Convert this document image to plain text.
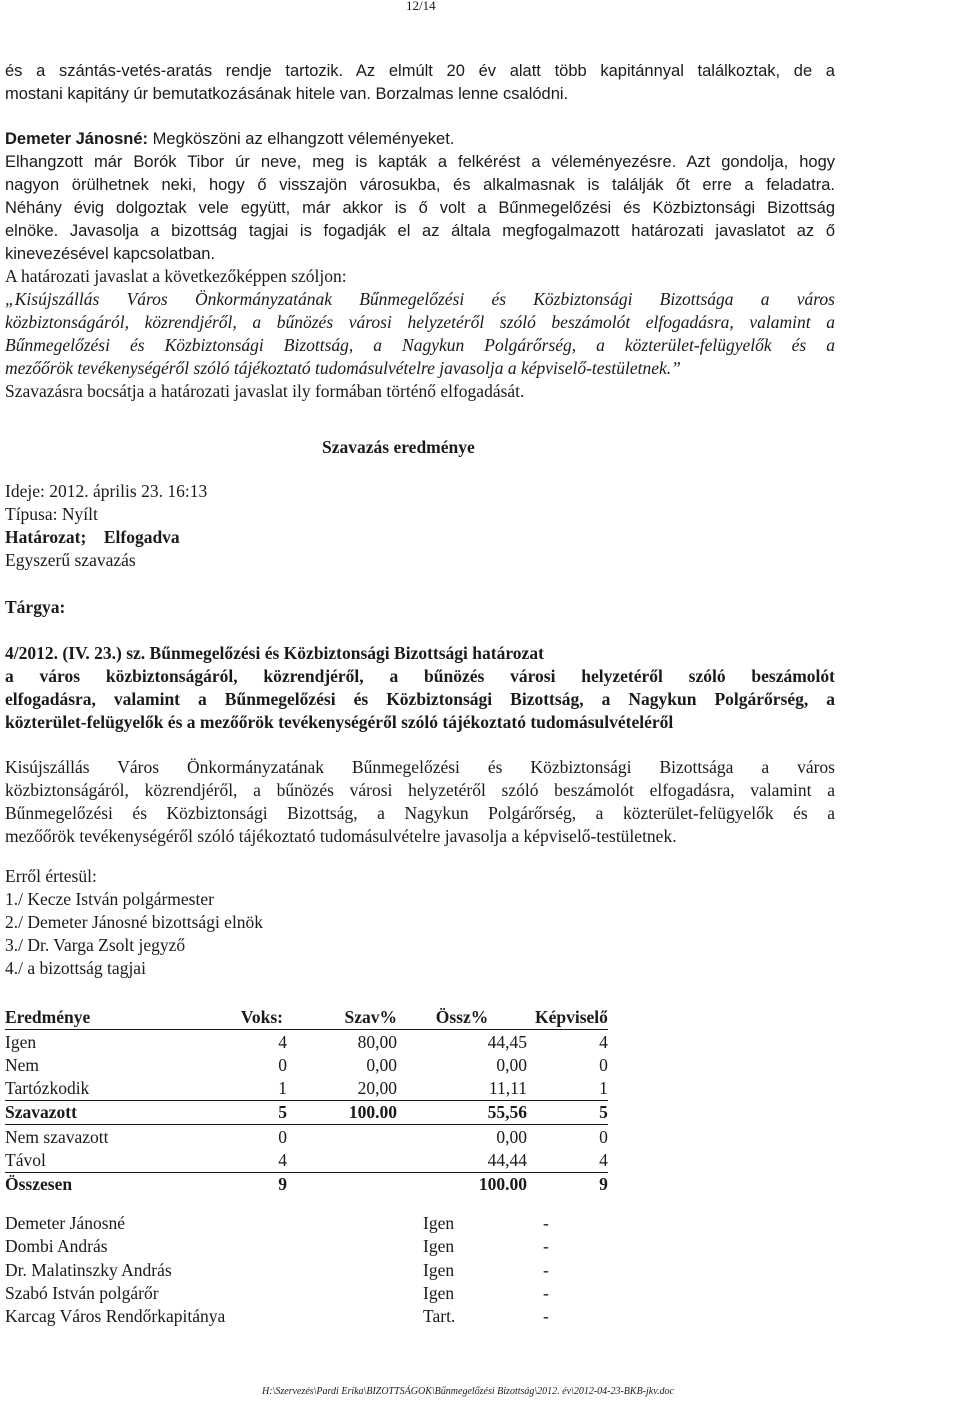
12/14
és a szántás-vetés-aratás rendje tartozik. Az elmúlt 20 év alatt több kapitánnyal találkoztak, de a
mostani kapitány úr bemutatkozásának hitele van. Borzalmas lenne csalódni.
Demeter Jánosné: Megköszöni az elhangzott véleményeket.
Elhangzott már Borók Tibor úr neve, meg is kapták a felkérést a véleményezésre. Azt gondolja, hogy
nagyon örülhetnek neki, hogy ő visszajön városukba, és alkalmasnak is találják őt erre a feladatra.
Néhány évig dolgoztak vele együtt, már akkor is ő volt a Bűnmegelőzési és Közbiztonsági Bizottság
elnöke. Javasolja a bizottság tagjai is fogadják el az általa megfogalmazott határozati javaslatot az ő
kinevezésével kapcsolatban.
A határozati javaslat a következőképpen szóljon:
„Kisújszállás Város Önkormányzatának Bűnmegelőzési és Közbiztonsági Bizottsága a város
közbiztonságáról, közrendjéről, a bűnözés városi helyzetéről szóló beszámolót elfogadásra, valamint a
Bűnmegelőzési és Közbiztonsági Bizottság, a Nagykun Polgárőrség, a közterület-felügyelők és a
mezőőrök tevékenységéről szóló tájékoztató tudomásulvételre javasolja a képviselő-testületnek.”
Szavazásra bocsátja a határozati javaslat ily formában történő elfogadását.
Szavazás eredménye
Ideje: 2012. április 23. 16:13
Típusa: Nyílt
Határozat; Elfogadva
Egyszerű szavazás
Tárgya:
4/2012. (IV. 23.) sz. Bűnmegelőzési és Közbiztonsági Bizottsági határozat
a város közbiztonságáról, közrendjéről, a bűnözés városi helyzetéről szóló beszámolót
elfogadásra, valamint a Bűnmegelőzési és Közbiztonsági Bizottság, a Nagykun Polgárőrség, a
közterület-felügyelők és a mezőőrök tevékenységéről szóló tájékoztató tudomásulvételéről
Kisújszállás Város Önkormányzatának Bűnmegelőzési és Közbiztonsági Bizottsága a város
közbiztonságáról, közrendjéről, a bűnözés városi helyzetéről szóló beszámolót elfogadásra, valamint a
Bűnmegelőzési és Közbiztonsági Bizottság, a Nagykun Polgárőrség, a közterület-felügyelők és a
mezőőrök tevékenységéről szóló tájékoztató tudomásulvételre javasolja a képviselő-testületnek.
Erről értesül:
1./ Kecze István polgármester
2./ Demeter Jánosné bizottsági elnök
3./ Dr. Varga Zsolt jegyző
4./ a bizottság tagjai
Eredménye	Voks:	Szav%	Össz%	Képviselő
Igen	4	80,00	44,45	4
Nem	0	0,00	0,00	0
Tartózkodik	1	20,00	11,11	1
Szavazott	5	100.00	55,56	5
Nem szavazott	0		0,00	0
Távol	4		44,44	4
Összesen	9		100.00	9
Demeter Jánosné	Igen	-
Dombi András	Igen	-
Dr. Malatinszky András	Igen	-
Szabó István polgárőr	Igen	-
Karcag Város Rendőrkapitánya	Tart.	-
H:\Szervezés\Pardi Erika\BIZOTTSÁGOK\Bűnmegelőzési Bizottság\2012. év\2012-04-23-BKB-jkv.doc
